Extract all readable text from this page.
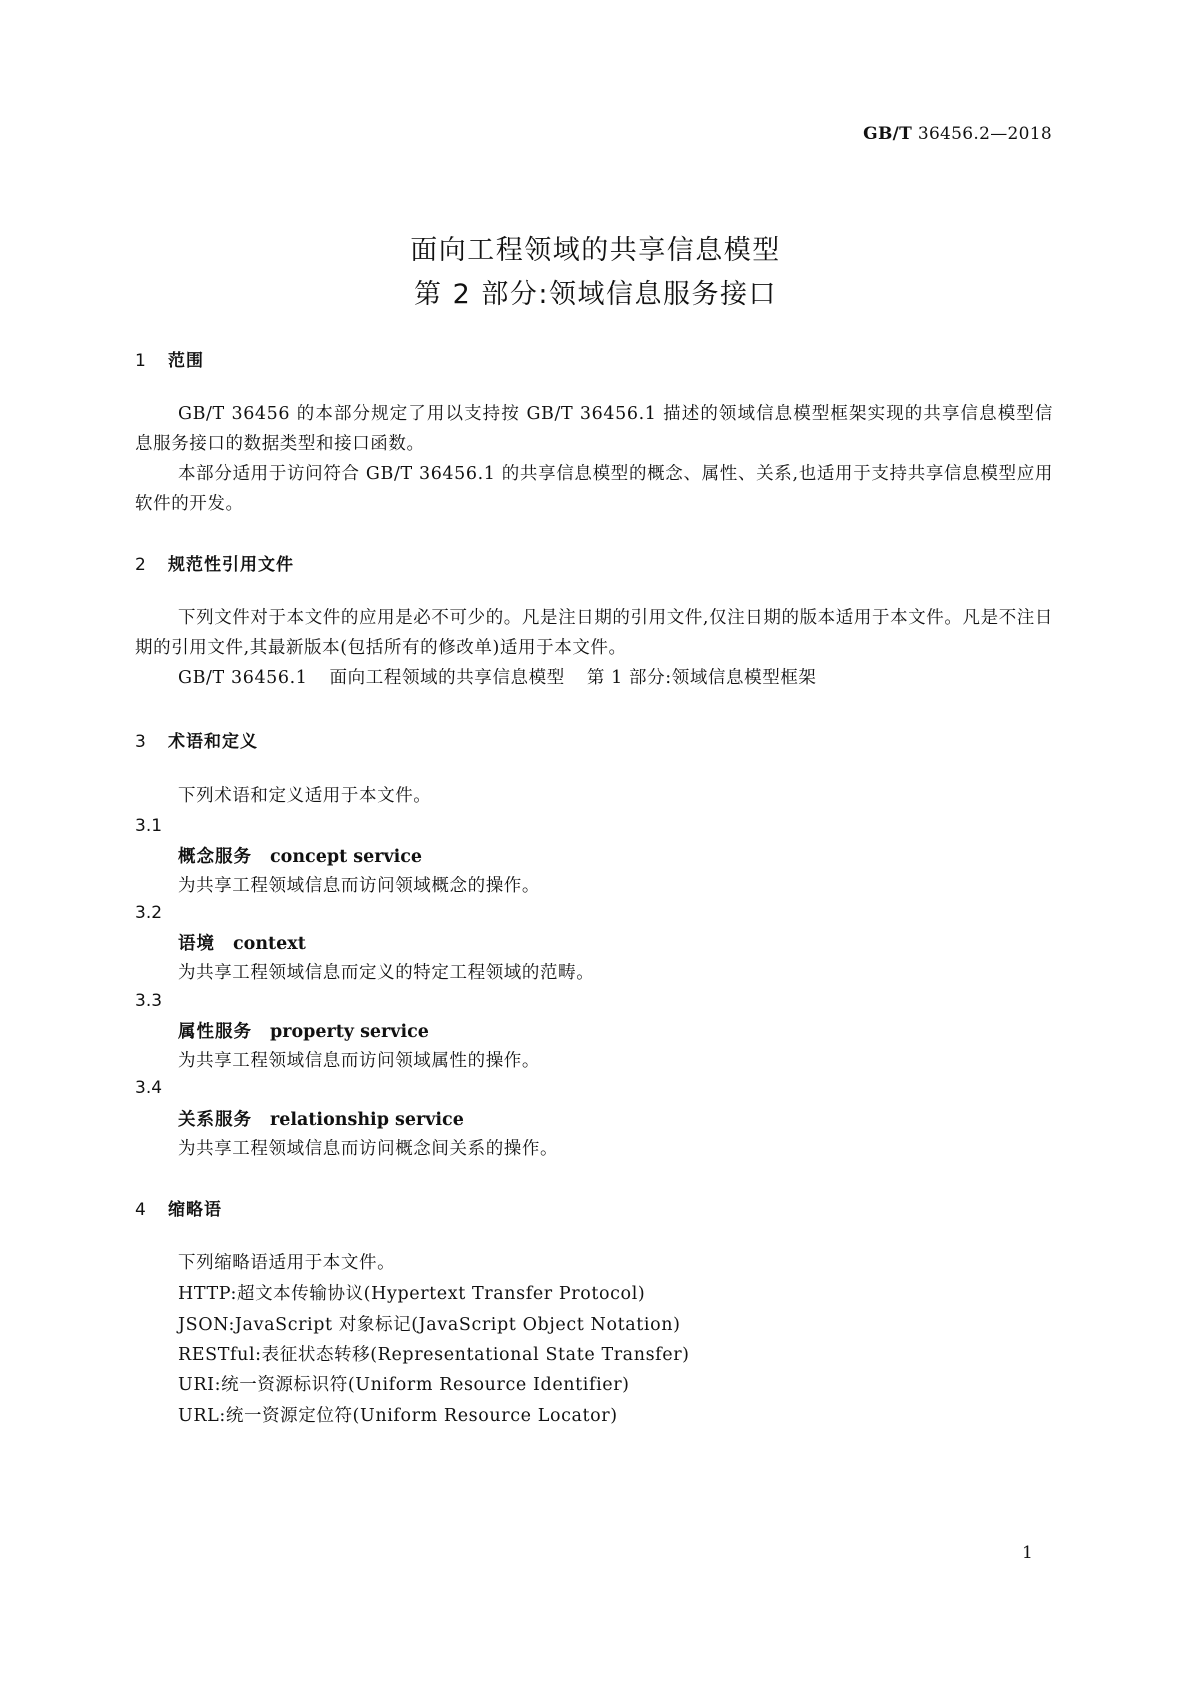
GB/T 36456.2—2018
面向工程领域的共享信息模型
第 2 部分:领域信息服务接口
1 范围
GB/T 36456 的本部分规定了用以支持按 GB/T 36456.1 描述的领域信息模型框架实现的共享信息模型信息服务接口的数据类型和接口函数。
本部分适用于访问符合 GB/T 36456.1 的共享信息模型的概念、属性、关系,也适用于支持共享信息模型应用软件的开发。
2 规范性引用文件
下列文件对于本文件的应用是必不可少的。凡是注日期的引用文件,仅注日期的版本适用于本文件。凡是不注日期的引用文件,其最新版本(包括所有的修改单)适用于本文件。
GB/T 36456.1 面向工程领域的共享信息模型 第 1 部分:领域信息模型框架
3 术语和定义
下列术语和定义适用于本文件。
3.1
概念服务 concept service
为共享工程领域信息而访问领域概念的操作。
3.2
语境 context
为共享工程领域信息而定义的特定工程领域的范畴。
3.3
属性服务 property service
为共享工程领域信息而访问领域属性的操作。
3.4
关系服务 relationship service
为共享工程领域信息而访问概念间关系的操作。
4 缩略语
下列缩略语适用于本文件。
HTTP:超文本传输协议(Hypertext Transfer Protocol)
JSON:JavaScript 对象标记(JavaScript Object Notation)
RESTful:表征状态转移(Representational State Transfer)
URI:统一资源标识符(Uniform Resource Identifier)
URL:统一资源定位符(Uniform Resource Locator)
1
